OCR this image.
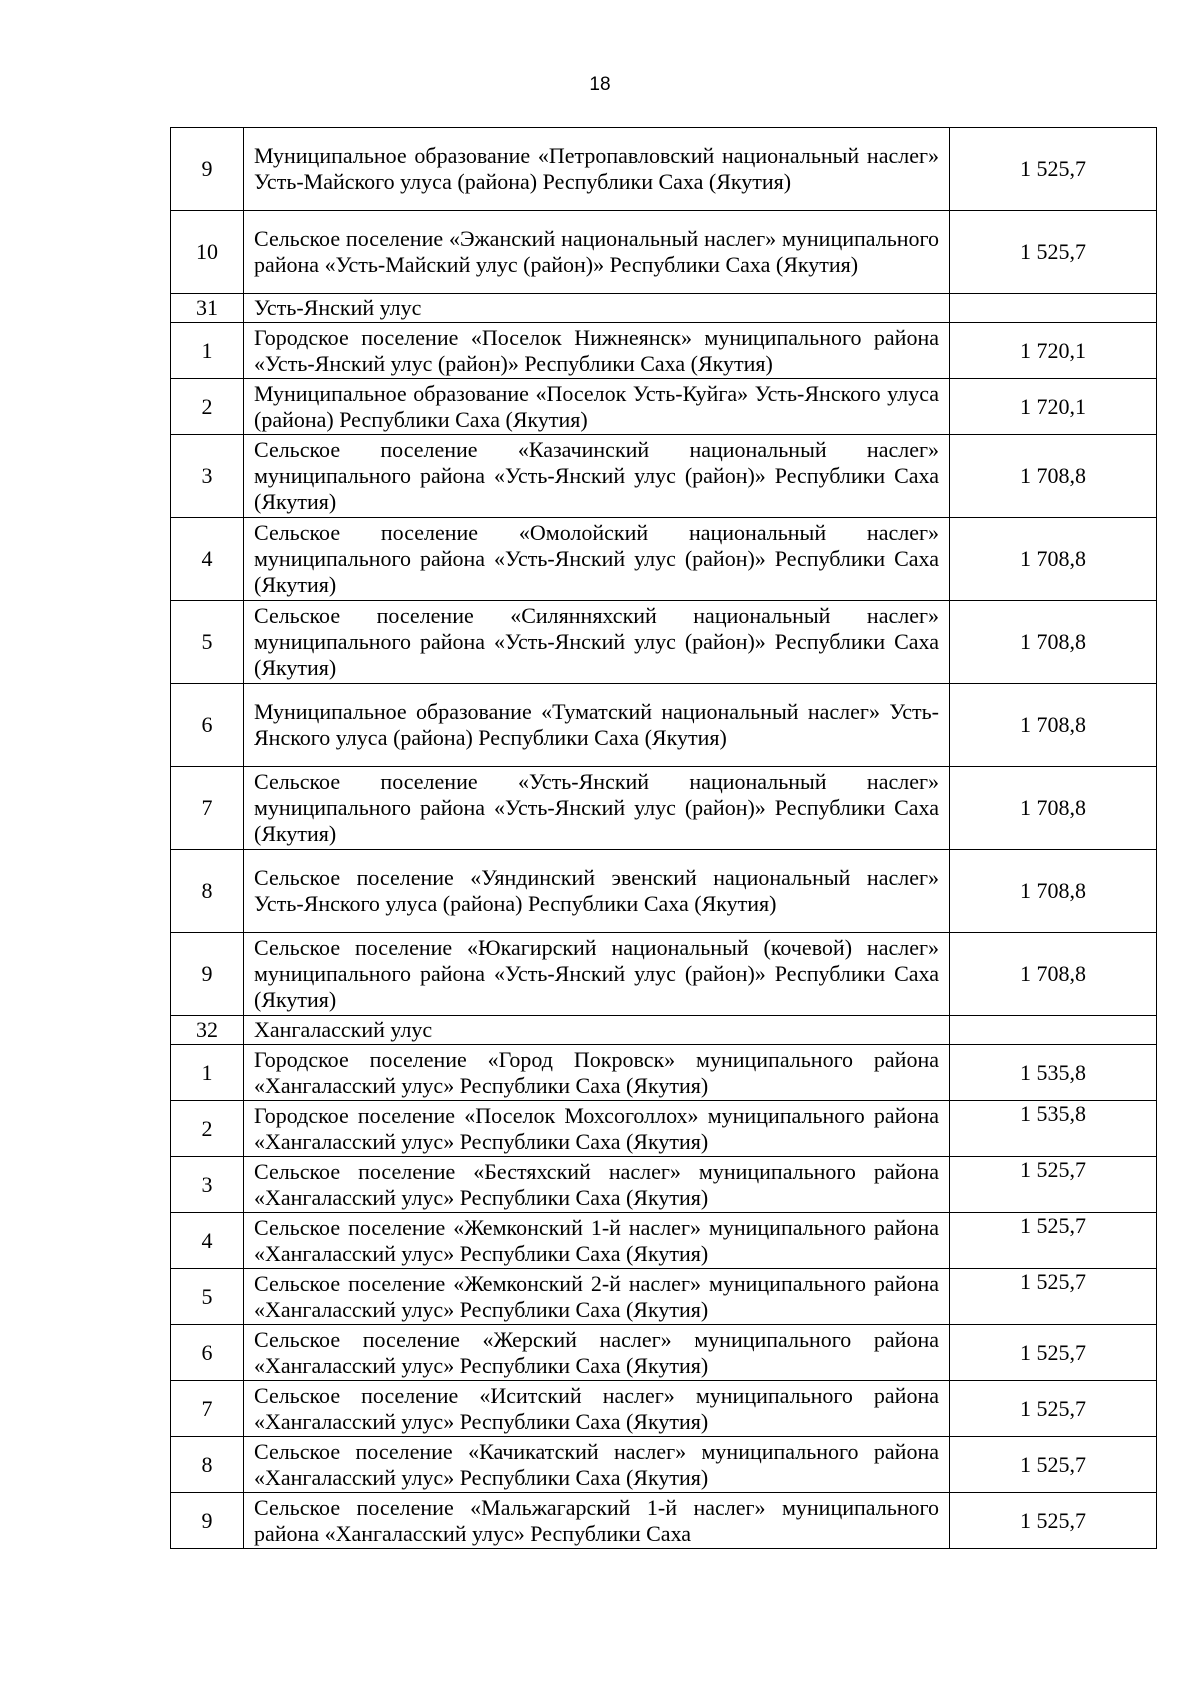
18
9	Муниципальное образование «Петропавловский национальный наслег» Усть-Майского улуса (района) Республики Саха (Якутия)	1 525,7
10	Сельское поселение «Эжанский национальный наслег» муниципального района «Усть-Майский улус (район)» Республики Саха (Якутия)	1 525,7
31	Усть-Янский улус	
1	Городское поселение «Поселок Нижнеянск» муниципального района «Усть-Янский улус (район)» Республики Саха (Якутия)	1 720,1
2	Муниципальное образование «Поселок Усть-Куйга» Усть-Янского улуса (района) Республики Саха (Якутия)	1 720,1
3	Сельское поселение «Казачинский национальный наслег» муниципального района «Усть-Янский улус (район)» Республики Саха (Якутия)	1 708,8
4	Сельское поселение «Омолойский национальный наслег» муниципального района «Усть-Янский улус (район)» Республики Саха (Якутия)	1 708,8
5	Сельское поселение «Силянняхский национальный наслег» муниципального района «Усть-Янский улус (район)» Республики Саха (Якутия)	1 708,8
6	Муниципальное образование «Туматский национальный наслег» Усть-Янского улуса (района) Республики Саха (Якутия)	1 708,8
7	Сельское поселение «Усть-Янский национальный наслег» муниципального района «Усть-Янский улус (район)» Республики Саха (Якутия)	1 708,8
8	Сельское поселение «Уяндинский эвенский национальный наслег» Усть-Янского улуса (района) Республики Саха (Якутия)	1 708,8
9	Сельское поселение «Юкагирский национальный (кочевой) наслег» муниципального района «Усть-Янский улус (район)» Республики Саха (Якутия)	1 708,8
32	Хангаласский улус	
1	Городское поселение «Город Покровск» муниципального района «Хангаласский улус» Республики Саха (Якутия)	1 535,8
2	Городское поселение «Поселок Мохсоголлох» муниципального района «Хангаласский улус» Республики Саха (Якутия)	1 535,8
3	Сельское поселение «Бестяхский наслег» муниципального района «Хангаласский улус» Республики Саха (Якутия)	1 525,7
4	Сельское поселение «Жемконский 1-й наслег» муниципального района «Хангаласский улус» Республики Саха (Якутия)	1 525,7
5	Сельское поселение «Жемконский 2-й наслег» муниципального района «Хангаласский улус» Республики Саха (Якутия)	1 525,7
6	Сельское поселение «Жерский наслег» муниципального района «Хангаласский улус» Республики Саха (Якутия)	1 525,7
7	Сельское поселение «Иситский наслег» муниципального района «Хангаласский улус» Республики Саха (Якутия)	1 525,7
8	Сельское поселение «Качикатский наслег» муниципального района «Хангаласский улус» Республики Саха (Якутия)	1 525,7
9	Сельское поселение «Мальжагарский 1-й наслег» муниципального района «Хангаласский улус» Республики Саха	1 525,7
